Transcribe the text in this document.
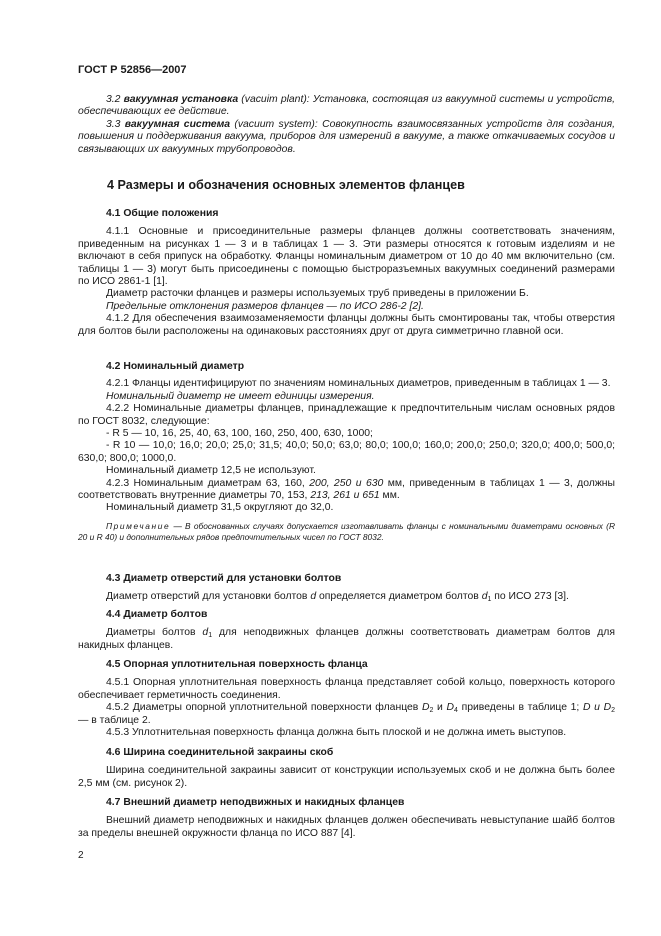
ГОСТ Р 52856—2007

3.2 вакуумная установка (vacuim plant): Установка, состоящая из вакуумной системы и устройств, обеспечивающих ее действие.

3.3 вакуумная система (vacuum system): Совокупность взаимосвязанных устройств для создания, повышения и поддерживания вакуума, приборов для измерений в вакууме, а также откачиваемых сосудов и связывающих их вакуумных трубопроводов.

4 Размеры и обозначения основных элементов фланцев

4.1 Общие положения

4.1.1 Основные и присоединительные размеры фланцев должны соответствовать значениям, приведенным на рисунках 1 — 3 и в таблицах 1 — 3. Эти размеры относятся к готовым изделиям и не включают в себя припуск на обработку. Фланцы номинальным диаметром от 10 до 40 мм включительно (см. таблицы 1 — 3) могут быть присоединены с помощью быстроразъемных вакуумных соединений размерами по ИСО 2861-1 [1].

Диаметр расточки фланцев и размеры используемых труб приведены в приложении Б.

Предельные отклонения размеров фланцев — по ИСО 286-2 [2].

4.1.2 Для обеспечения взаимозаменяемости фланцы должны быть смонтированы так, чтобы отверстия для болтов были расположены на одинаковых расстояниях друг от друга симметрично главной оси.

4.2 Номинальный диаметр

4.2.1 Фланцы идентифицируют по значениям номинальных диаметров, приведенным в таблицах 1 — 3.

Номинальный диаметр не имеет единицы измерения.

4.2.2 Номинальные диаметры фланцев, принадлежащие к предпочтительным числам основных рядов по ГОСТ 8032, следующие:

- R 5 — 10, 16, 25, 40, 63, 100, 160, 250, 400, 630, 1000;

- R 10 — 10,0; 16,0; 20,0; 25,0; 31,5; 40,0; 50,0; 63,0; 80,0; 100,0; 160,0; 200,0; 250,0; 320,0; 400,0; 500,0; 630,0; 800,0; 1000,0.

Номинальный диаметр 12,5 не используют.

4.2.3 Номинальным диаметрам 63, 160, 200, 250 и 630 мм, приведенным в таблицах 1 — 3, должны соответствовать внутренние диаметры 70, 153, 213, 261 и 651 мм.

Номинальный диаметр 31,5 округляют до 32,0.

Примечание — В обоснованных случаях допускается изготавливать фланцы с номинальными диаметрами основных (R 20 и R 40) и дополнительных рядов предпочтительных чисел по ГОСТ 8032.

4.3 Диаметр отверстий для установки болтов

Диаметр отверстий для установки болтов d определяется диаметром болтов $d_1$ по ИСО 273 [3].

4.4 Диаметр болтов

Диаметры болтов $d_1$ для неподвижных фланцев должны соответствовать диаметрам болтов для накидных фланцев.

4.5 Опорная уплотнительная поверхность фланца

4.5.1 Опорная уплотнительная поверхность фланца представляет собой кольцо, поверхность которого обеспечивает герметичность соединения.

4.5.2 Диаметры опорной уплотнительной поверхности фланцев $D_2$ и $D_4$ приведены в таблице 1; D и $D_2$ — в таблице 2.

4.5.3 Уплотнительная поверхность фланца должна быть плоской и не должна иметь выступов.

4.6 Ширина соединительной закраины скоб

Ширина соединительной закраины зависит от конструкции используемых скоб и не должна быть более 2,5 мм (см. рисунок 2).

4.7 Внешний диаметр неподвижных и накидных фланцев

Внешний диаметр неподвижных и накидных фланцев должен обеспечивать невыступание шайб болтов за пределы внешней окружности фланца по ИСО 887 [4].

2
